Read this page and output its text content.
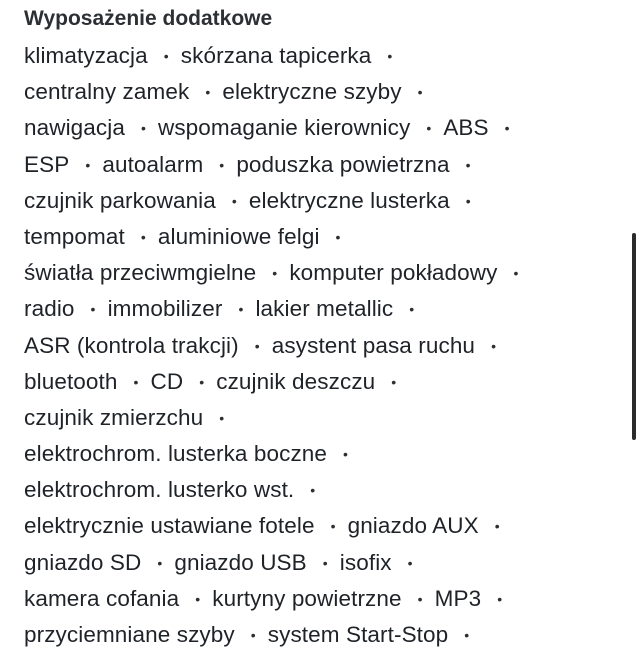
Wyposażenie dodatkowe
klimatyzacja • skórzana tapicerka •
centralny zamek • elektryczne szyby •
nawigacja • wspomaganie kierownicy • ABS •
ESP • autoalarm • poduszka powietrzna •
czujnik parkowania • elektryczne lusterka •
tempomat • aluminiowe felgi •
światła przeciwmgielne • komputer pokładowy •
radio • immobilizer • lakier metallic •
ASR (kontrola trakcji) • asystent pasa ruchu •
bluetooth • CD • czujnik deszczu •
czujnik zmierzchu •
elektrochrom. lusterka boczne •
elektrochrom. lusterko wst. •
elektrycznie ustawiane fotele • gniazdo AUX •
gniazdo SD • gniazdo USB • isofix •
kamera cofania • kurtyny powietrzne • MP3 •
przyciemniane szyby • system Start-Stop •
